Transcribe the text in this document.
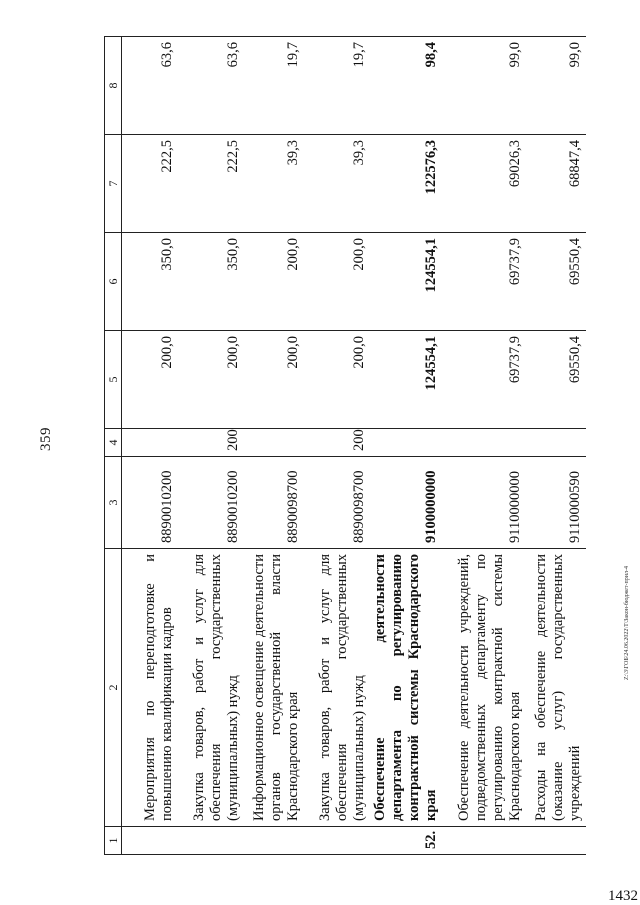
359
Z:\3\ГОБ\24.06.2022\Т\Закон-бюджет-прил-4
1432
1	2	3	4	5	6	7	8
	Мероприятия по переподготовке и повышению квалификации кадров	8890010200		200,0	350,0	222,5	63,6
	Закупка товаров, работ и услуг для обеспечения государственных (муниципальных) нужд	8890010200	200	200,0	350,0	222,5	63,6
	Информационное освещение деятельности органов государственной власти Краснодарского края	8890098700		200,0	200,0	39,3	19,7
	Закупка товаров, работ и услуг для обеспечения государственных (муниципальных) нужд	8890098700	200	200,0	200,0	39,3	19,7
52.	Обеспечение деятельности департамента по регулированию контрактной системы Краснодарского края	9100000000		124554,1	124554,1	122576,3	98,4
	Обеспечение деятельности учреждений, подведомственных департаменту по регулированию контрактной системы Краснодарского края	9110000000		69737,9	69737,9	69026,3	99,0
	Расходы на обеспечение деятельности (оказание услуг) государственных учреждений	9110000590		69550,4	69550,4	68847,4	99,0
